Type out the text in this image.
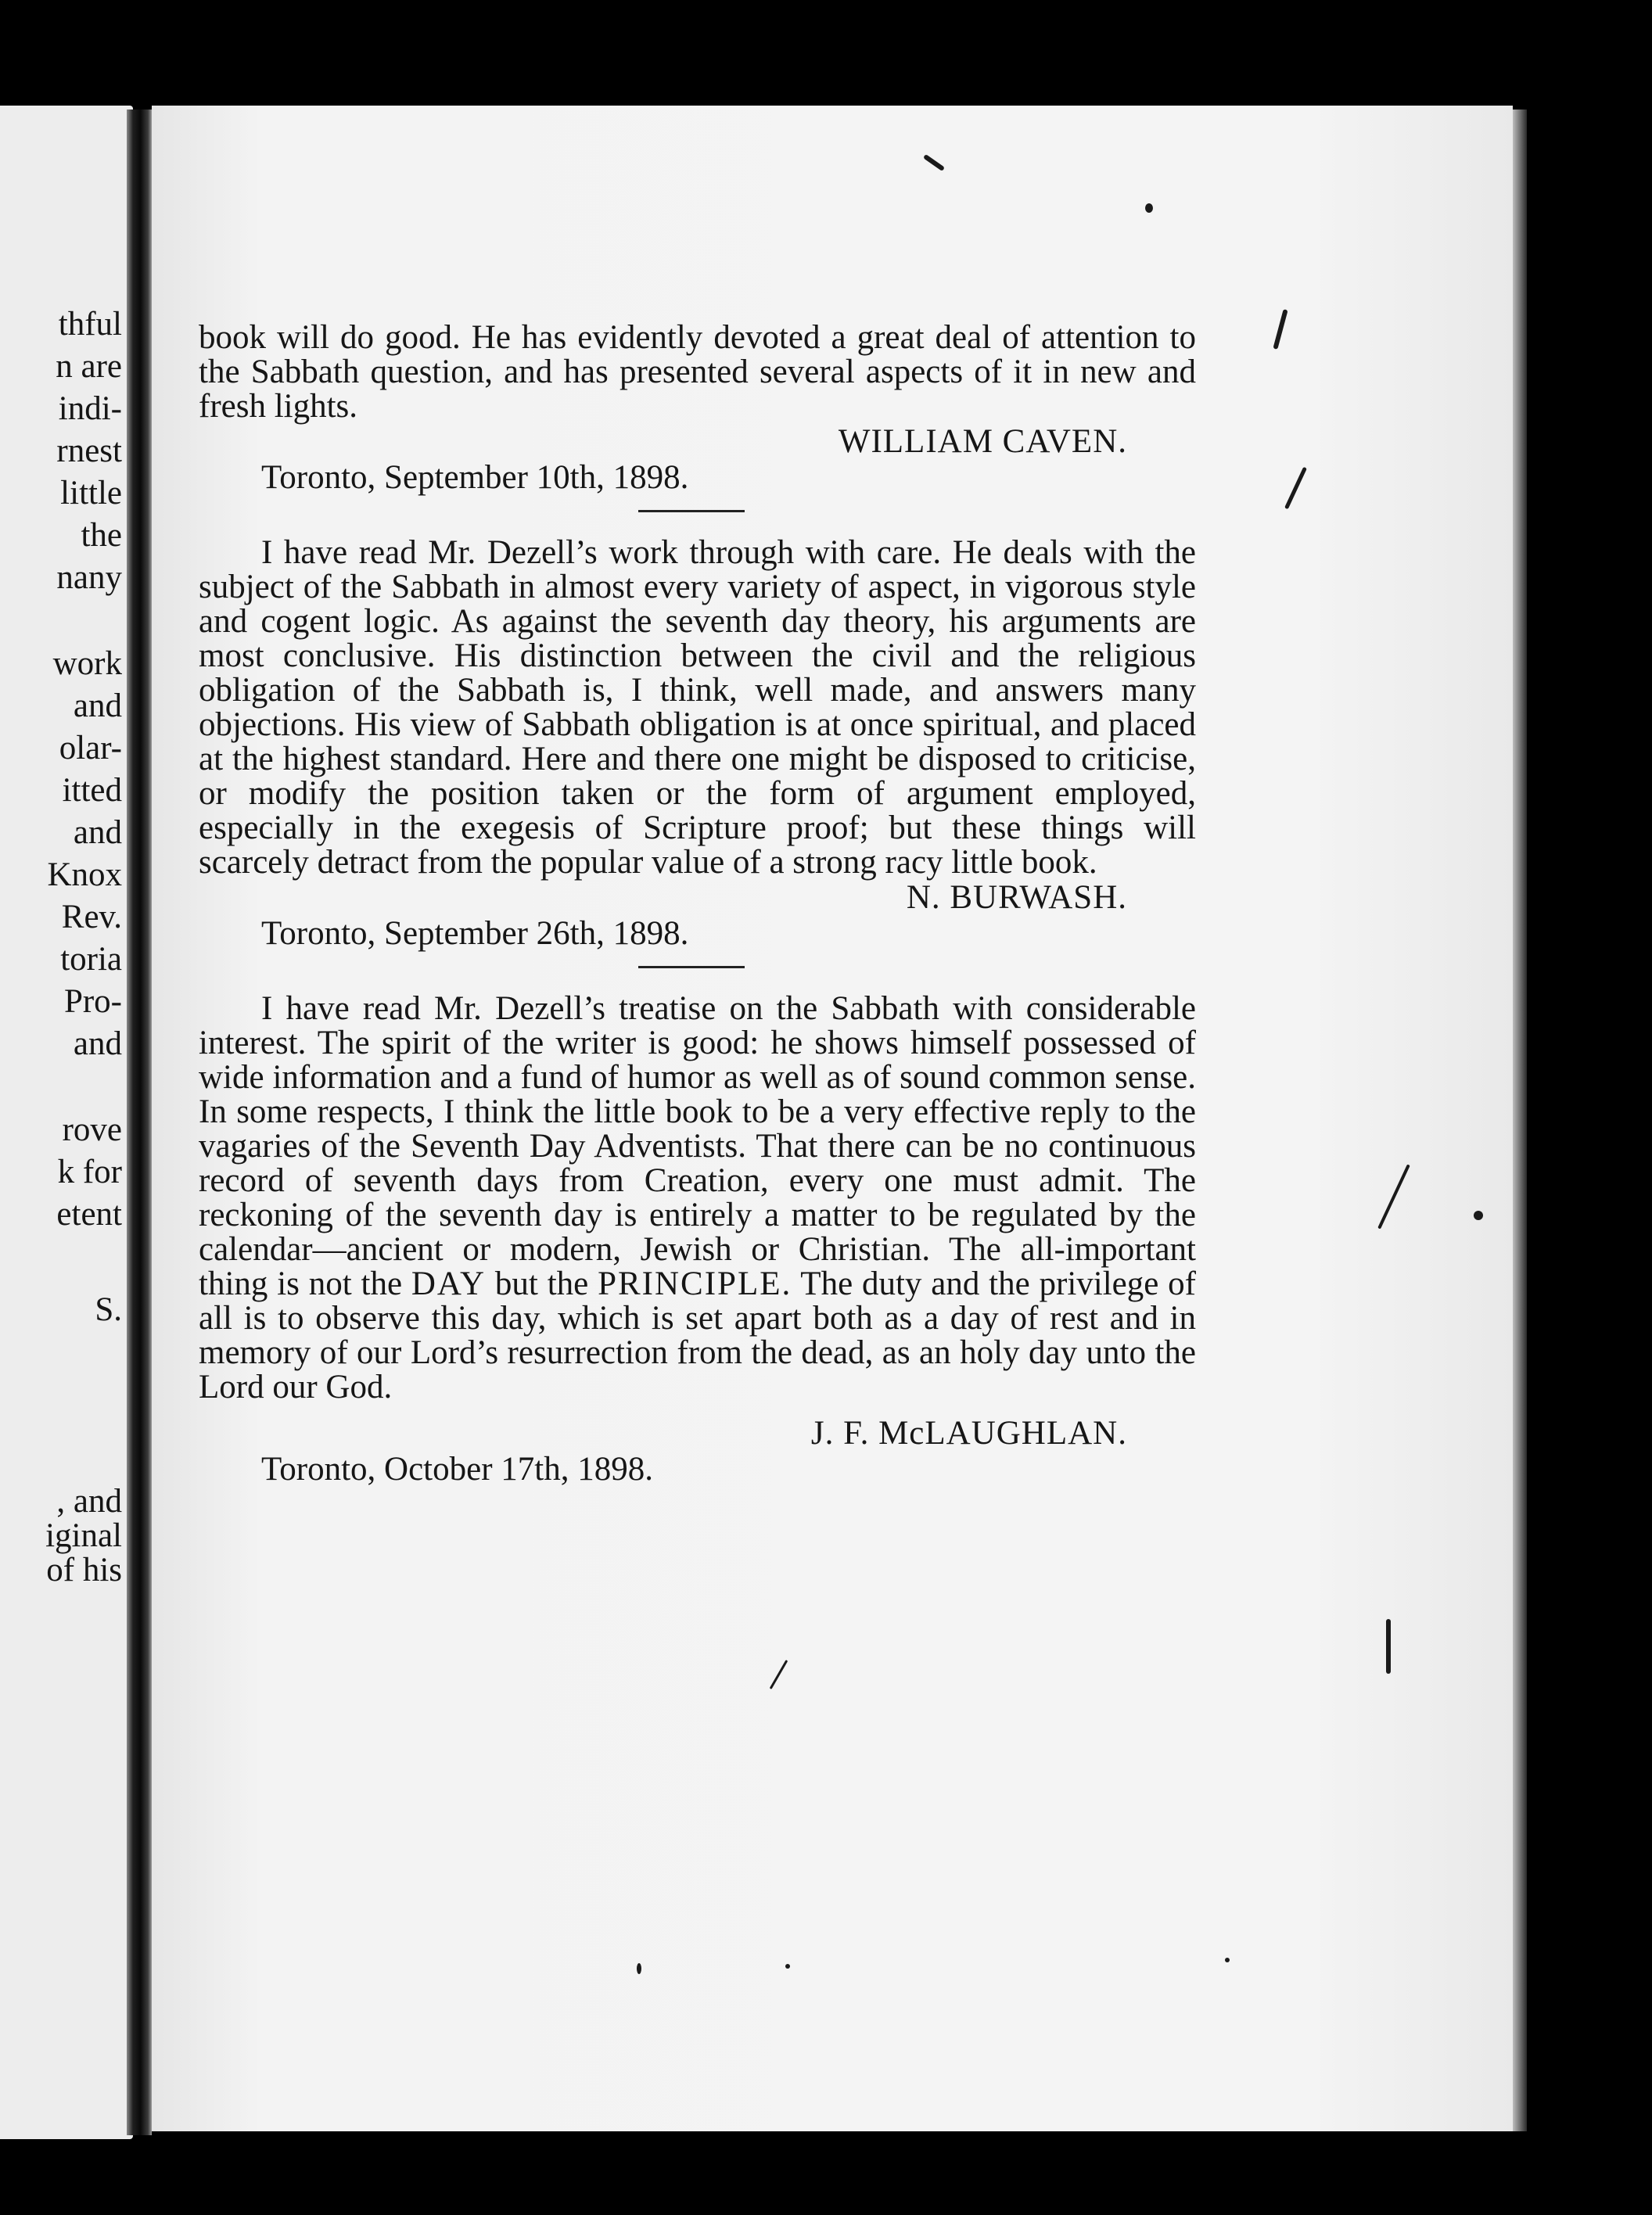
thful
n are
indi-
rnest
little
the
nany
work
and
olar-
itted
and
Knox
Rev.
toria
Pro-
and
rove
k for
etent
S.
, and
iginal
of his

book will do good. He has evidently devoted a great deal of attention to the Sabbath question, and has presented several aspects of it in new and fresh lights.

WILLIAM CAVEN.

Toronto, September 10th, 1898.

I have read Mr. Dezell’s work through with care. He deals with the subject of the Sabbath in almost every variety of aspect, in vigorous style and cogent logic. As against the seventh day theory, his arguments are most conclusive. His distinction between the civil and the religious obligation of the Sabbath is, I think, well made, and answers many objections. His view of Sabbath obligation is at once spiritual, and placed at the highest standard. Here and there one might be disposed to criticise, or modify the position taken or the form of argument employed, especially in the exegesis of Scripture proof; but these things will scarcely detract from the popular value of a strong racy little book.

N. BURWASH.

Toronto, September 26th, 1898.

I have read Mr. Dezell’s treatise on the Sabbath with considerable interest. The spirit of the writer is good: he shows himself possessed of wide information and a fund of humor as well as of sound common sense. In some respects, I think the little book to be a very effective reply to the vagaries of the Seventh Day Adventists. That there can be no continuous record of seventh days from Creation, every one must admit. The reckoning of the seventh day is entirely a matter to be regulated by the calendar—ancient or modern, Jewish or Christian. The all-important thing is not the DAY but the PRINCIPLE. The duty and the privilege of all is to observe this day, which is set apart both as a day of rest and in memory of our Lord’s resurrection from the dead, as an holy day unto the Lord our God.

J. F. McLAUGHLAN.

Toronto, October 17th, 1898.
